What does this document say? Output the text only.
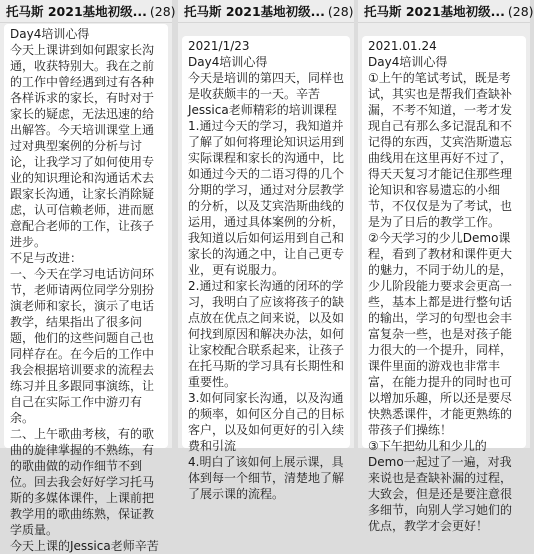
托马斯 2021基地初级... (28)

Day4培训心得

今天上课讲到如何跟家长沟通，收获特别大。我在之前的工作中曾经遇到过有各种各样诉求的家长，有时对于家长的疑虑，无法迅速的给出解答。今天培训课堂上通过对典型案例的分析与讨论，让我学习了如何使用专业的知识理论和沟通话术去跟家长沟通，让家长消除疑虑，认可信赖老师，进而愿意配合老师的工作，让孩子进步。

不足与改进：

一、今天在学习电话访问环节，老师请两位同学分别扮演老师和家长，演示了电话教学，结果指出了很多问题，他们的这些问题自己也同样存在。在今后的工作中我会根据培训要求的流程去练习并且多跟同事演练，让自己在实际工作中游刃有余。

二、上午歌曲考核，有的歌曲的旋律掌握的不熟练，有的歌曲做的动作细节不到位。回去我会好好学习托马斯的多媒体课件，上课前把教学用的歌曲练熟，保证教学质量。

今天上课的Jessica老师辛苦

托马斯 2021基地初级... (28)

2021/1/23

Day4培训心得

今天是培训的第四天，同样也是收获颇丰的一天。辛苦Jessica老师精彩的培训课程

1.通过今天的学习，我知道并了解了如何将理论知识运用到实际课程和家长的沟通中，比如通过今天的二语习得的几个分期的学习，通过对分层教学的分析，以及艾宾浩斯曲线的运用，通过具体案例的分析，我知道以后如何运用到自己和家长的沟通之中，让自己更专业，更有说服力。

2.通过和家长沟通的闭环的学习，我明白了应该将孩子的缺点放在优点之间来说，以及如何找到原因和解决办法，如何让家校配合联系起来，让孩子在托马斯的学习具有长期性和重要性。

3.如何同家长沟通，以及沟通的频率，如何区分自己的目标客户，以及如何更好的引入续费和引流

4.明白了该如何上展示课，具体到每一个细节，清楚地了解了展示课的流程。

托马斯 2021基地初级... (28)

2021.01.24

Day4培训心得

①上午的笔试考试，既是考试，其实也是帮我们查缺补漏，不考不知道，一考才发现自己有那么多记混乱和不记得的东西，艾宾浩斯遗忘曲线用在这里再好不过了，得天天复习才能记住那些理论知识和容易遗忘的小细节，不仅仅是为了考试，也是为了日后的教学工作。

②今天学习的少儿Demo课程，看到了教材和课件更大的魅力，不同于幼儿的是，少儿阶段能力要求会更高一些，基本上都是进行整句话的输出，学习的句型也会丰富复杂一些，也是对孩子能力很大的一个提升，同样，课件里面的游戏也非常丰富，在能力提升的同时也可以增加乐趣，所以还是要尽快熟悉课件，才能更熟练的带孩子们操练！

③下午把幼儿和少儿的Demo一起过了一遍，对我来说也是查缺补漏的过程，大致会，但是还是要注意很多细节，向别人学习她们的优点，教学才会更好！
